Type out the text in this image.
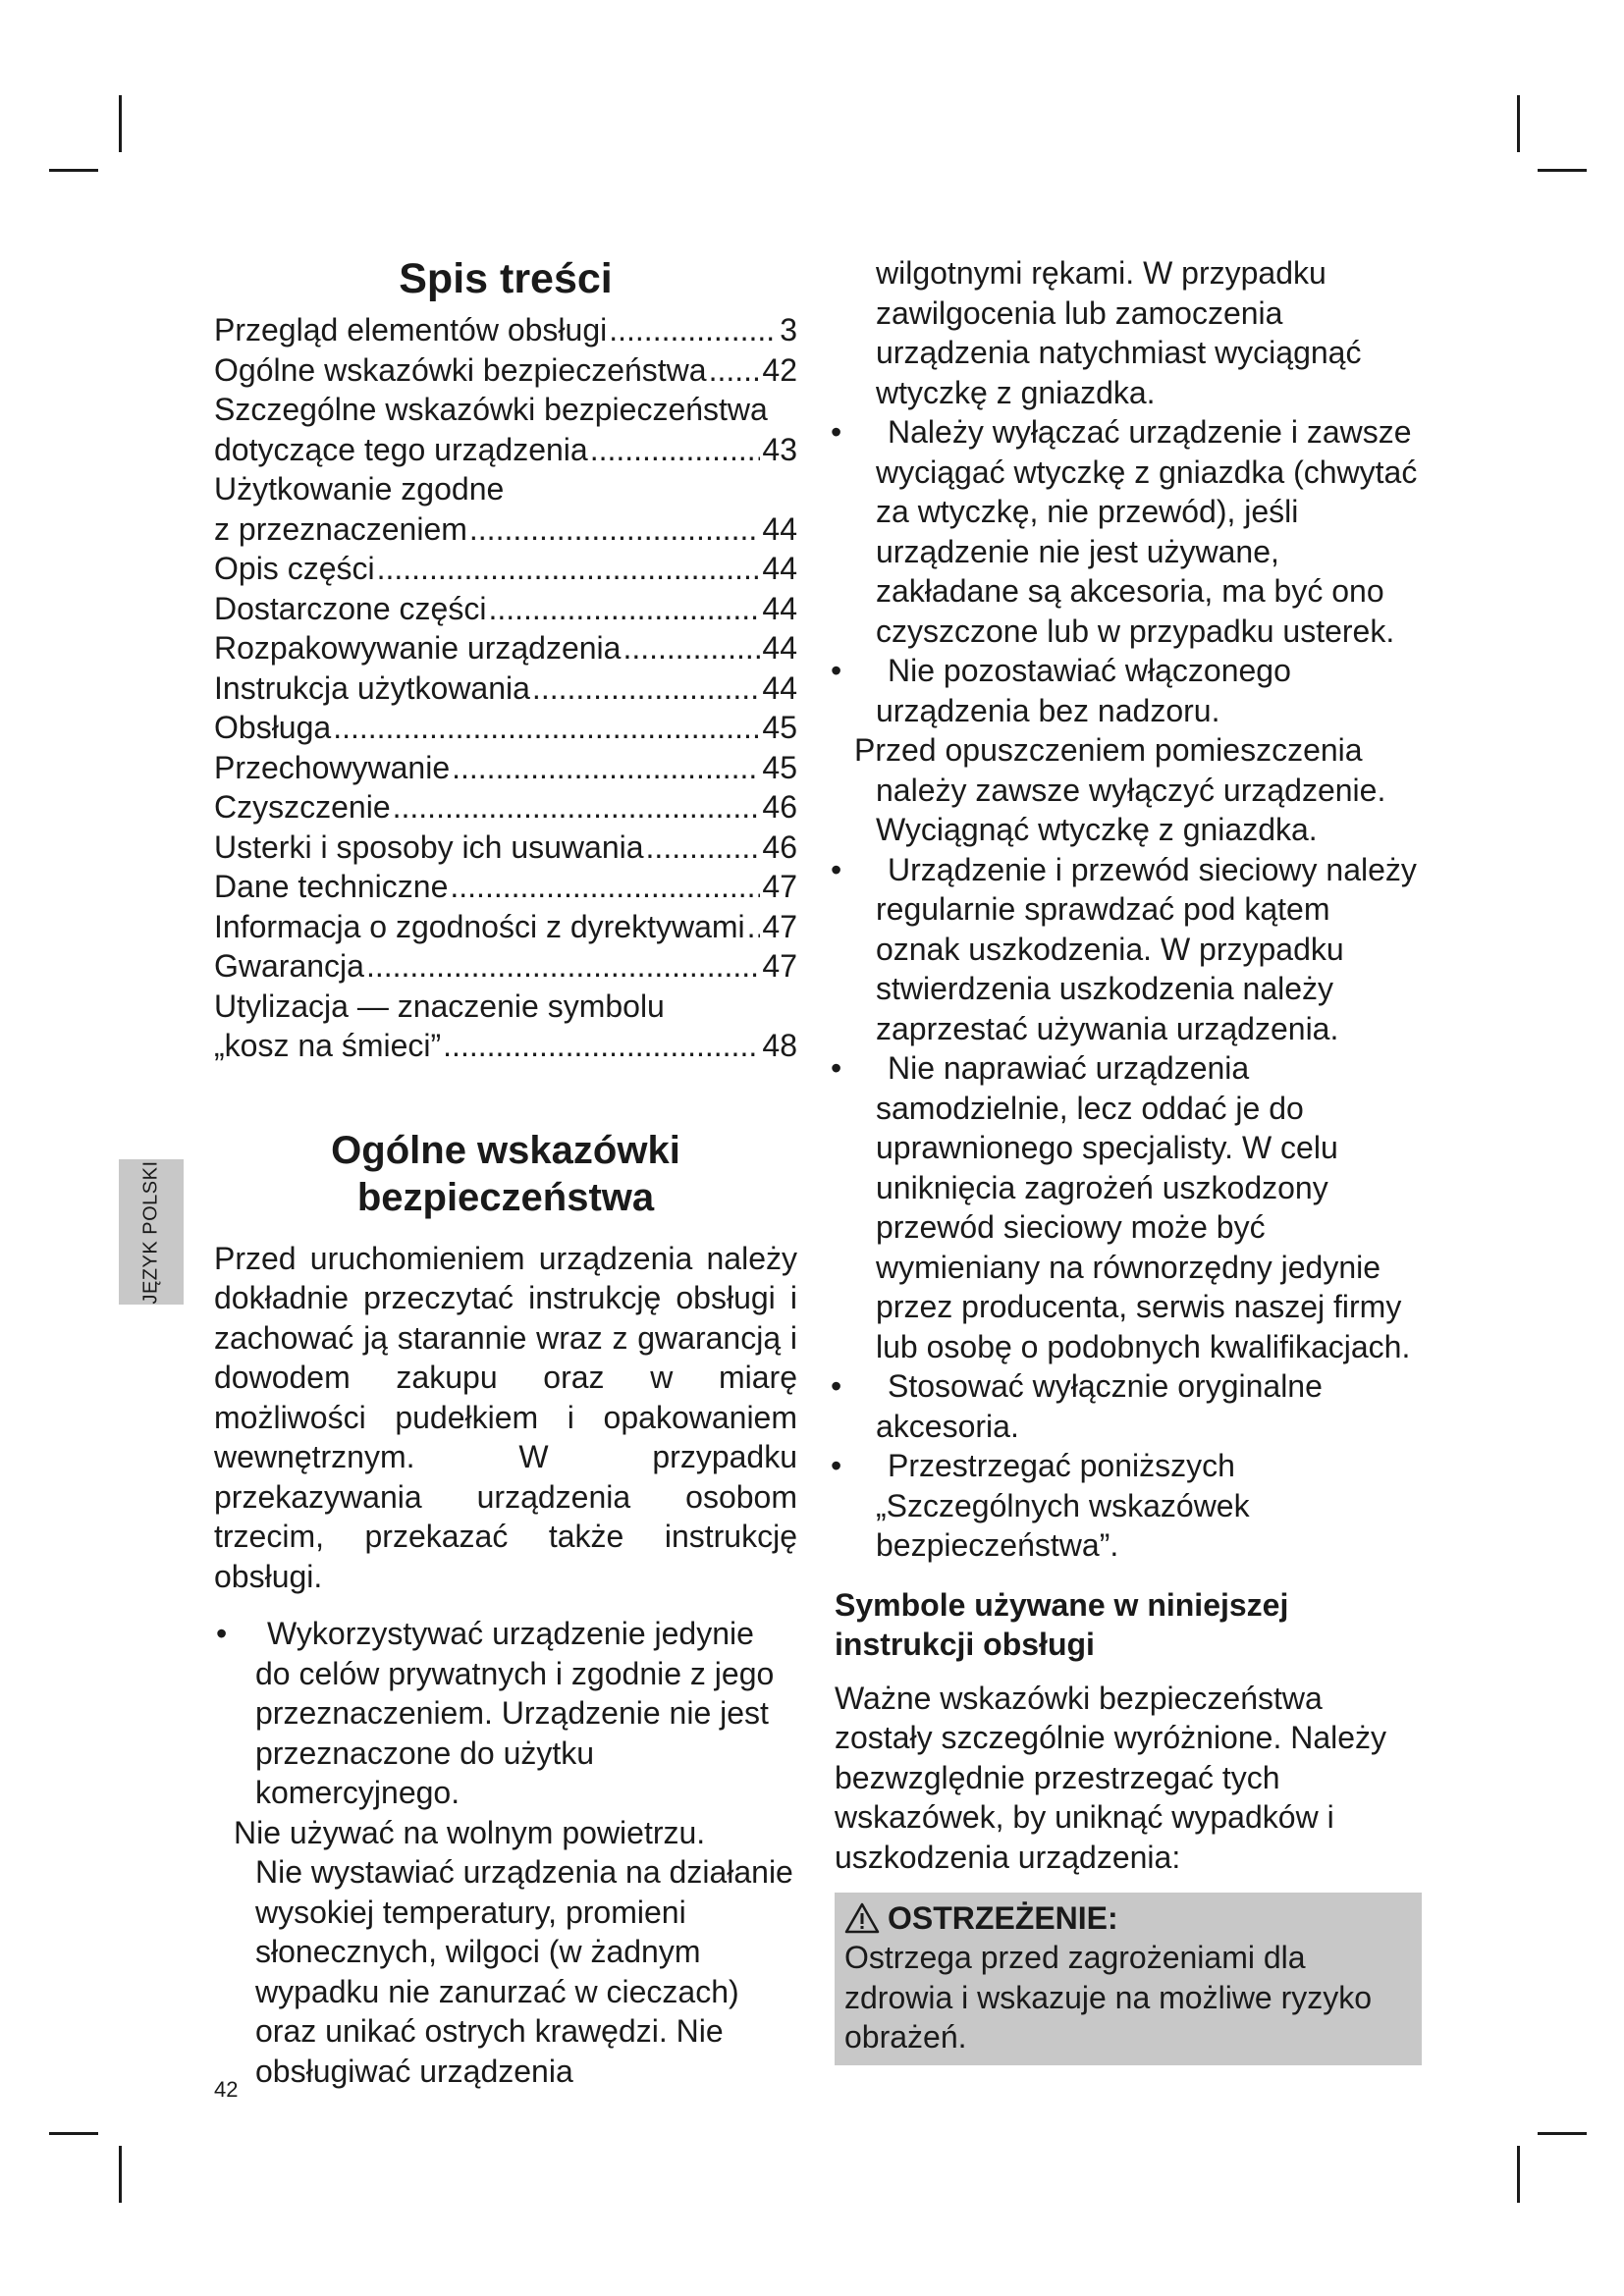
JĘZYK POLSKI
Spis treści
Przegląd elementów obsługi .....	3
Ogólne wskazówki bezpieczeństwa ..... 42
Szczególne wskazówki bezpieczeństwa
dotyczące tego urządzenia .....	43
Użytkowanie zgodne
z przeznaczeniem .....	44
Opis części .....	44
Dostarczone części .....	44
Rozpakowywanie urządzenia .....	44
Instrukcja użytkowania .....	44
Obsługa .....	45
Przechowywanie .....	45
Czyszczenie .....	46
Usterki i sposoby ich usuwania .....	46
Dane techniczne .....	47
Informacja o zgodności z dyrektywami ..... 47
Gwarancja .....	47
Utylizacja — znaczenie symbolu
„kosz na śmieci” .....	48
Ogólne wskazówki
bezpieczeństwa

Przed uruchomieniem urządzenia należy dokładnie przeczytać instrukcję obsługi i zachować ją starannie wraz z gwarancją i dowodem zakupu oraz w miarę możliwości pudełkiem i opakowaniem wewnętrznym. W przypadku przekazywania urządzenia osobom trzecim, przekazać także instrukcję obsługi.

•	Wykorzystywać urządzenie jedynie do celów prywatnych i zgodnie z jego przeznaczeniem. Urządzenie nie jest przeznaczone do użytku komercyjnego.
Nie używać na wolnym powietrzu.
Nie wystawiać urządzenia na działanie wysokiej temperatury, promieni słonecznych, wilgoci (w żadnym wypadku nie zanurzać w cieczach) oraz unikać ostrych krawędzi. Nie obsługiwać urządzenia
wilgotnymi rękami. W przypadku zawilgocenia lub zamoczenia urządzenia natychmiast wyciągnąć wtyczkę z gniazdka.
•	Należy wyłączać urządzenie i zawsze wyciągać wtyczkę z gniazdka (chwytać za wtyczkę, nie przewód), jeśli urządzenie nie jest używane, zakładane są akcesoria, ma być ono czyszczone lub w przypadku usterek.
•	Nie pozostawiać włączonego urządzenia bez nadzoru.
Przed opuszczeniem pomieszczenia
należy zawsze wyłączyć urządzenie. Wyciągnąć wtyczkę z gniazdka.
•	Urządzenie i przewód sieciowy należy regularnie sprawdzać pod kątem oznak uszkodzenia. W przypadku stwierdzenia uszkodzenia należy zaprzestać używania urządzenia.
•	Nie naprawiać urządzenia samodzielnie, lecz oddać je do uprawnionego specjalisty. W celu uniknięcia zagrożeń uszkodzony przewód sieciowy może być wymieniany na równorzędny jedynie przez producenta, serwis naszej firmy lub osobę o podobnych kwalifikacjach.
•	Stosować wyłącznie oryginalne akcesoria.
•	Przestrzegać poniższych „Szczególnych wskazówek bezpieczeństwa”.
Symbole używane w niniejszej instrukcji obsługi

Ważne wskazówki bezpieczeństwa zostały szczególnie wyróżnione. Należy bezwzględnie przestrzegać tych wskazówek, by uniknąć wypadków i uszkodzenia urządzenia:

OSTRZEŻENIE:
Ostrzega przed zagrożeniami dla zdrowia i wskazuje na możliwe ryzyko obrażeń.
42
